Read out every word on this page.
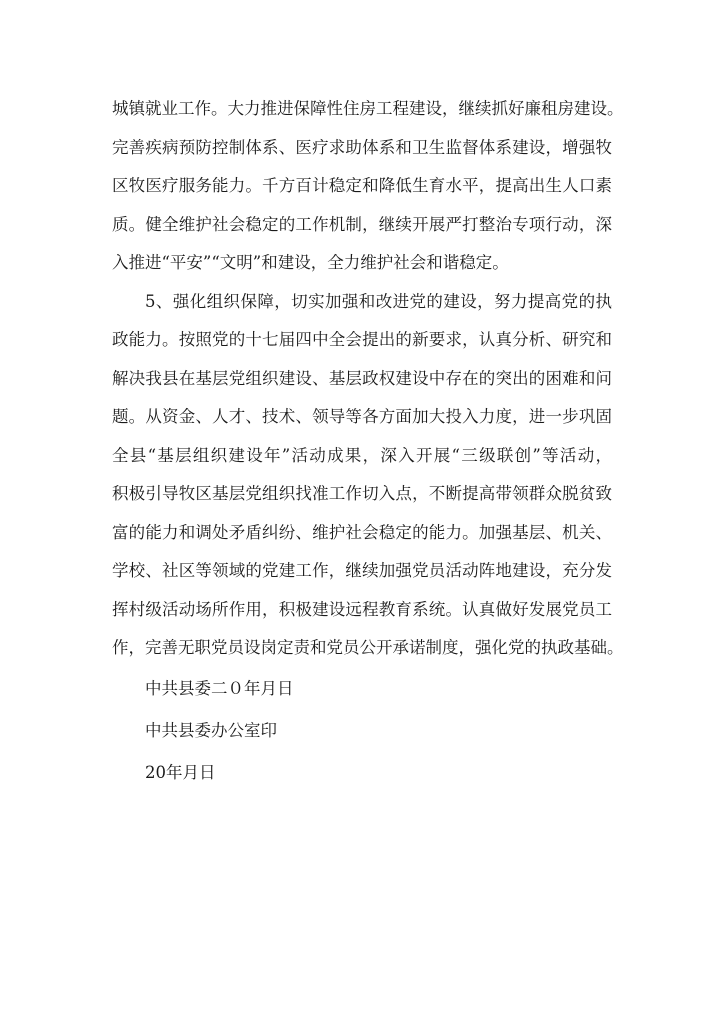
城镇就业工作。大力推进保障性住房工程建设，继续抓好廉租房建设。
完善疾病预防控制体系、医疗求助体系和卫生监督体系建设，增强牧
区牧医疗服务能力。千方百计稳定和降低生育水平，提高出生人口素
质。健全维护社会稳定的工作机制，继续开展严打整治专项行动，深
入推进“平安”“文明”和建设，全力维护社会和谐稳定。
5、强化组织保障，切实加强和改进党的建设，努力提高党的执
政能力。按照党的十七届四中全会提出的新要求，认真分析、研究和
解决我县在基层党组织建设、基层政权建设中存在的突出的困难和问
题。从资金、人才、技术、领导等各方面加大投入力度，进一步巩固
全县“基层组织建设年”活动成果，深入开展“三级联创”等活动，
积极引导牧区基层党组织找准工作切入点，不断提高带领群众脱贫致
富的能力和调处矛盾纠纷、维护社会稳定的能力。加强基层、机关、
学校、社区等领域的党建工作，继续加强党员活动阵地建设，充分发
挥村级活动场所作用，积极建设远程教育系统。认真做好发展党员工
作，完善无职党员设岗定责和党员公开承诺制度，强化党的执政基础。
中共县委二０年月日
中共县委办公室印
20年月日
